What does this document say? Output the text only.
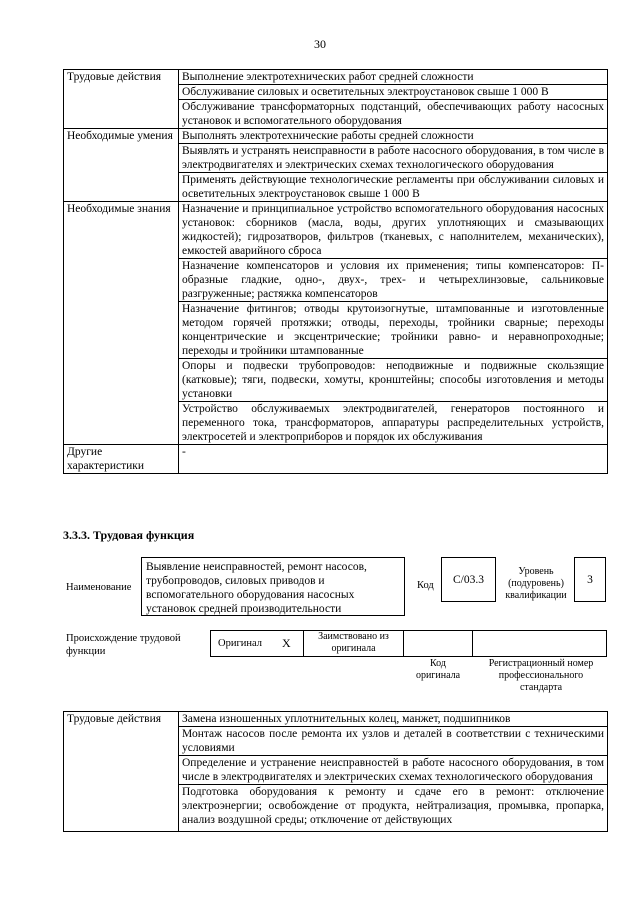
30
Трудовые действия	Выполнение электротехнических работ средней сложности
	Обслуживание силовых и осветительных электроустановок свыше 1 000 В
	Обслуживание трансформаторных подстанций, обеспечивающих работу насосных установок и вспомогательного оборудования
Необходимые умения	Выполнять электротехнические работы средней сложности
	Выявлять и устранять неисправности в работе насосного оборудования, в том числе в электродвигателях и электрических схемах технологического оборудования
	Применять действующие технологические регламенты при обслуживании силовых и осветительных электроустановок свыше 1 000 В
Необходимые знания	Назначение и принципиальное устройство вспомогательного оборудования насосных установок: сборников (масла, воды, других уплотняющих и смазывающих жидкостей); гидрозатворов, фильтров (тканевых, с наполнителем, механических), емкостей аварийного сброса
	Назначение компенсаторов и условия их применения; типы компенсаторов: П-образные гладкие, одно-, двух-, трех- и четырехлинзовые, сальниковые разгруженные; растяжка компенсаторов
	Назначение фитингов; отводы крутоизогнутые, штампованные и изготовленные методом горячей протяжки; отводы, переходы, тройники сварные; переходы концентрические и эксцентрические; тройники равно- и неравнопроходные; переходы и тройники штампованные
	Опоры и подвески трубопроводов: неподвижные и подвижные скользящие (катковые); тяги, подвески, хомуты, кронштейны; способы изготовления и методы установки
	Устройство обслуживаемых электродвигателей, генераторов постоянного и переменного тока, трансформаторов, аппаратуры распределительных устройств, электросетей и электроприборов и порядок их обслуживания
Другие характеристики	-
3.3.3. Трудовая функция
Наименование
Выявление неисправностей, ремонт насосов, трубопроводов, силовых приводов и вспомогательного оборудования насосных установок средней производительности
Код С/03.3
Уровень (подуровень) квалификации
3
Происхождение трудовой функции
Оригинал X	Заимствовано из оригинала
Код оригинала
Регистрационный номер профессионального стандарта
Трудовые действия	Замена изношенных уплотнительных колец, манжет, подшипников
Монтаж насосов после ремонта их узлов и деталей в соответствии с техническими условиями
Определение и устранение неисправностей в работе насосного оборудования, в том числе в электродвигателях и электрических схемах технологического оборудования
Подготовка оборудования к ремонту и сдаче его в ремонт: отключение электроэнергии; освобождение от продукта, нейтрализация, промывка, пропарка, анализ воздушной среды; отключение от действующих
